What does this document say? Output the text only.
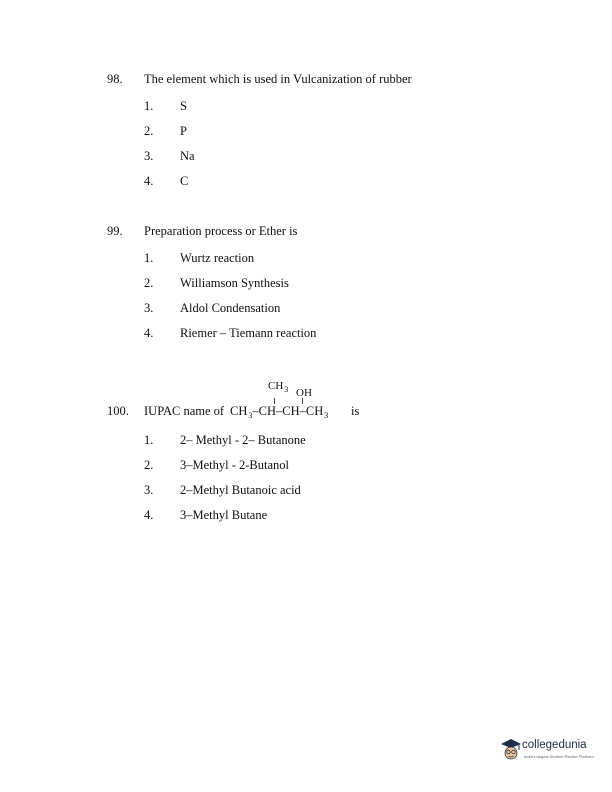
98. The element which is used in Vulcanization of rubber
1. S
2. P
3. Na
4. C
99. Preparation process or Ether is
1. Wurtz reaction
2. Williamson Synthesis
3. Aldol Condensation
4. Riemer – Tiemann reaction
100. IUPAC name of
$CH_3$ OH
$CH_3-CH-CH-CH_3$ is
1. 2– Methyl - 2– Butanone
2. 3–Methyl - 2-Butanol
3. 2–Methyl Butanoic acid
4. 3–Methyl Butane
collegedunia
India's largest Student Review Platform
